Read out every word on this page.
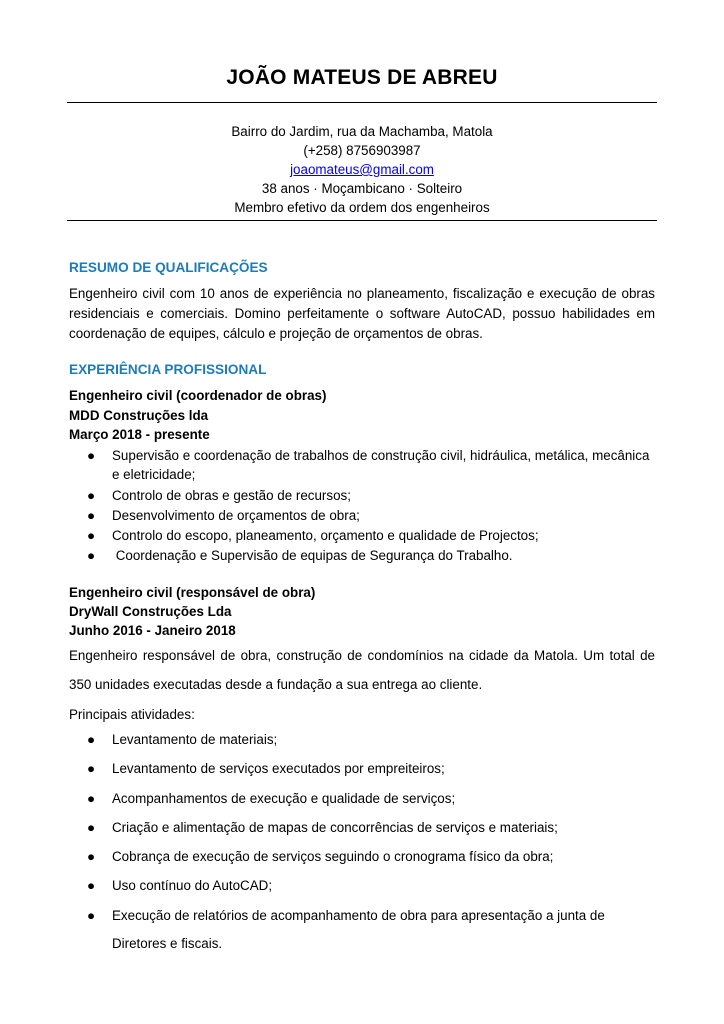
JOÃO MATEUS DE ABREU
Bairro do Jardim, rua da Machamba, Matola
(+258) 8756903987
joaomateus@gmail.com
38 anos · Moçambicano · Solteiro
Membro efetivo da ordem dos engenheiros
RESUMO DE QUALIFICAÇÕES
Engenheiro civil com 10 anos de experiência no planeamento, fiscalização e execução de obras residenciais e comerciais. Domino perfeitamente o software AutoCAD, possuo habilidades em coordenação de equipes, cálculo e projeção de orçamentos de obras.
EXPERIÊNCIA PROFISSIONAL
Engenheiro civil (coordenador de obras)
MDD Construções lda
Março 2018 - presente
● Supervisão e coordenação de trabalhos de construção civil, hidráulica, metálica, mecânica e eletricidade;
● Controlo de obras e gestão de recursos;
● Desenvolvimento de orçamentos de obra;
● Controlo do escopo, planeamento, orçamento e qualidade de Projectos;
● Coordenação e Supervisão de equipas de Segurança do Trabalho.
Engenheiro civil (responsável de obra)
DryWall Construções Lda
Junho 2016 - Janeiro 2018
Engenheiro responsável de obra, construção de condomínios na cidade da Matola. Um total de 350 unidades executadas desde a fundação a sua entrega ao cliente.
Principais atividades:
● Levantamento de materiais;
● Levantamento de serviços executados por empreiteiros;
● Acompanhamentos de execução e qualidade de serviços;
● Criação e alimentação de mapas de concorrências de serviços e materiais;
● Cobrança de execução de serviços seguindo o cronograma físico da obra;
● Uso contínuo do AutoCAD;
● Execução de relatórios de acompanhamento de obra para apresentação a junta de Diretores e fiscais.
